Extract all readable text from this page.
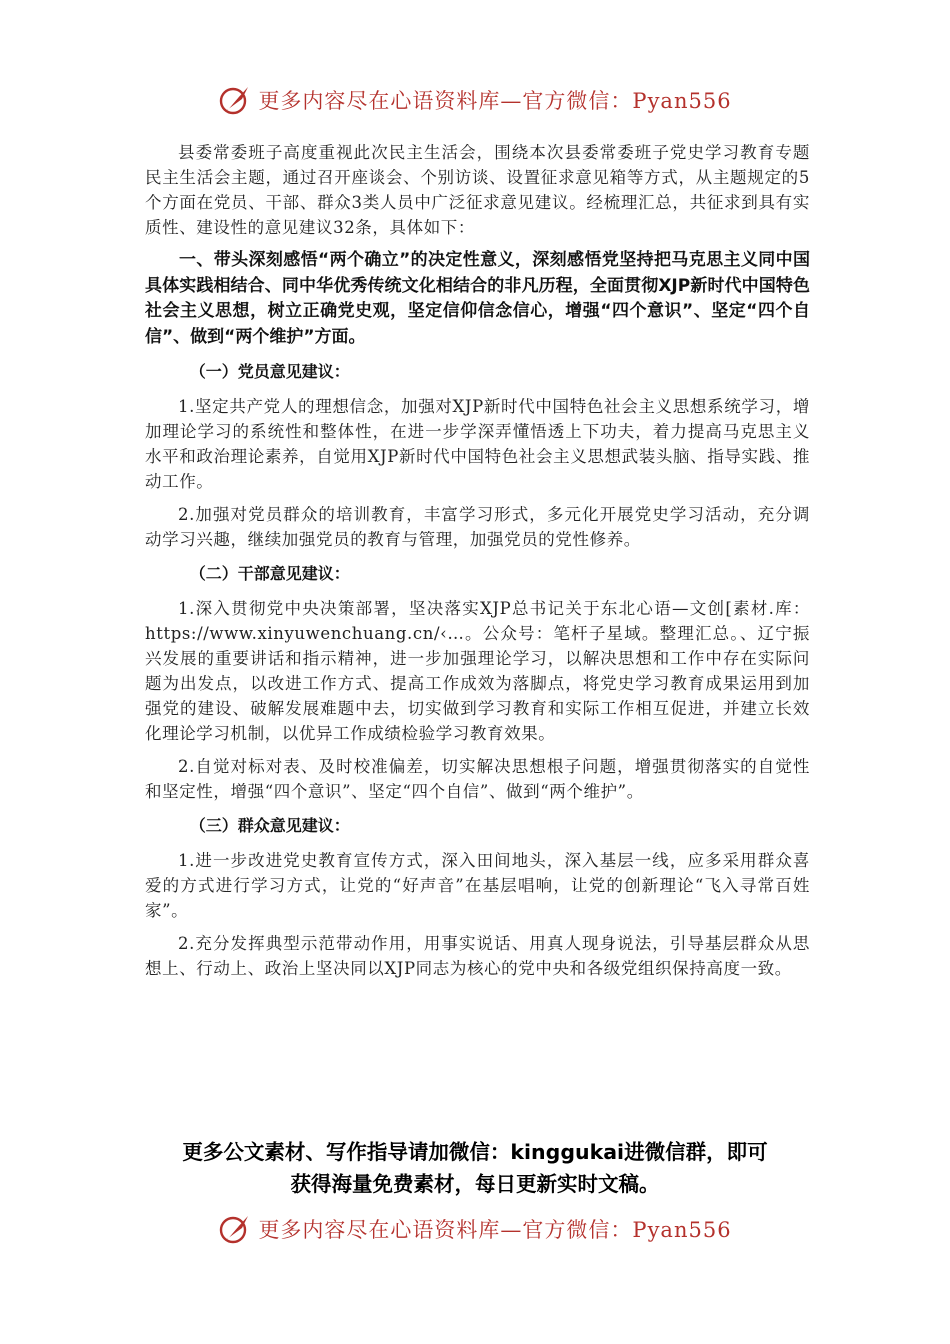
更多内容尽在心语资料库—官方微信：Pyan556

县委常委班子高度重视此次民主生活会，围绕本次县委常委班子党史学习教育专题民主生活会主题，通过召开座谈会、个别访谈、设置征求意见箱等方式，从主题规定的5个方面在党员、干部、群众3类人员中广泛征求意见建议。经梳理汇总，共征求到具有实质性、建设性的意见建议32条，具体如下：

一、带头深刻感悟“两个确立”的决定性意义，深刻感悟党坚持把马克思主义同中国具体实践相结合、同中华优秀传统文化相结合的非凡历程，全面贯彻XJP新时代中国特色社会主义思想，树立正确党史观，坚定信仰信念信心，增强“四个意识”、坚定“四个自信”、做到“两个维护”方面。

（一）党员意见建议：

1.坚定共产党人的理想信念，加强对XJP新时代中国特色社会主义思想系统学习，增加理论学习的系统性和整体性，在进一步学深弄懂悟透上下功夫，着力提高马克思主义水平和政治理论素养，自觉用XJP新时代中国特色社会主义思想武装头脑、指导实践、推动工作。

2.加强对党员群众的培训教育，丰富学习形式，多元化开展党史学习活动，充分调动学习兴趣，继续加强党员的教育与管理，加强党员的党性修养。

（二）干部意见建议：

1.深入贯彻党中央决策部署，坚决落实XJP总书记关于东北心语—文创[素材.库：https://www.xinyuwenchuang.cn/‹…。公众号：笔杆子星域。整理汇总。、辽宁振兴发展的重要讲话和指示精神，进一步加强理论学习，以解决思想和工作中存在实际问题为出发点，以改进工作方式、提高工作成效为落脚点，将党史学习教育成果运用到加强党的建设、破解发展难题中去，切实做到学习教育和实际工作相互促进，并建立长效化理论学习机制，以优异工作成绩检验学习教育效果。

2.自觉对标对表、及时校准偏差，切实解决思想根子问题，增强贯彻落实的自觉性和坚定性，增强“四个意识”、坚定“四个自信”、做到“两个维护”。

（三）群众意见建议：

1.进一步改进党史教育宣传方式，深入田间地头，深入基层一线，应多采用群众喜爱的方式进行学习方式，让党的“好声音”在基层唱响，让党的创新理论“飞入寻常百姓家”。

2.充分发挥典型示范带动作用，用事实说话、用真人现身说法，引导基层群众从思想上、行动上、政治上坚决同以XJP同志为核心的党中央和各级党组织保持高度一致。

更多公文素材、写作指导请加微信：kinggukai进微信群，即可
获得海量免费素材，每日更新实时文稿。
更多内容尽在心语资料库—官方微信：Pyan556
